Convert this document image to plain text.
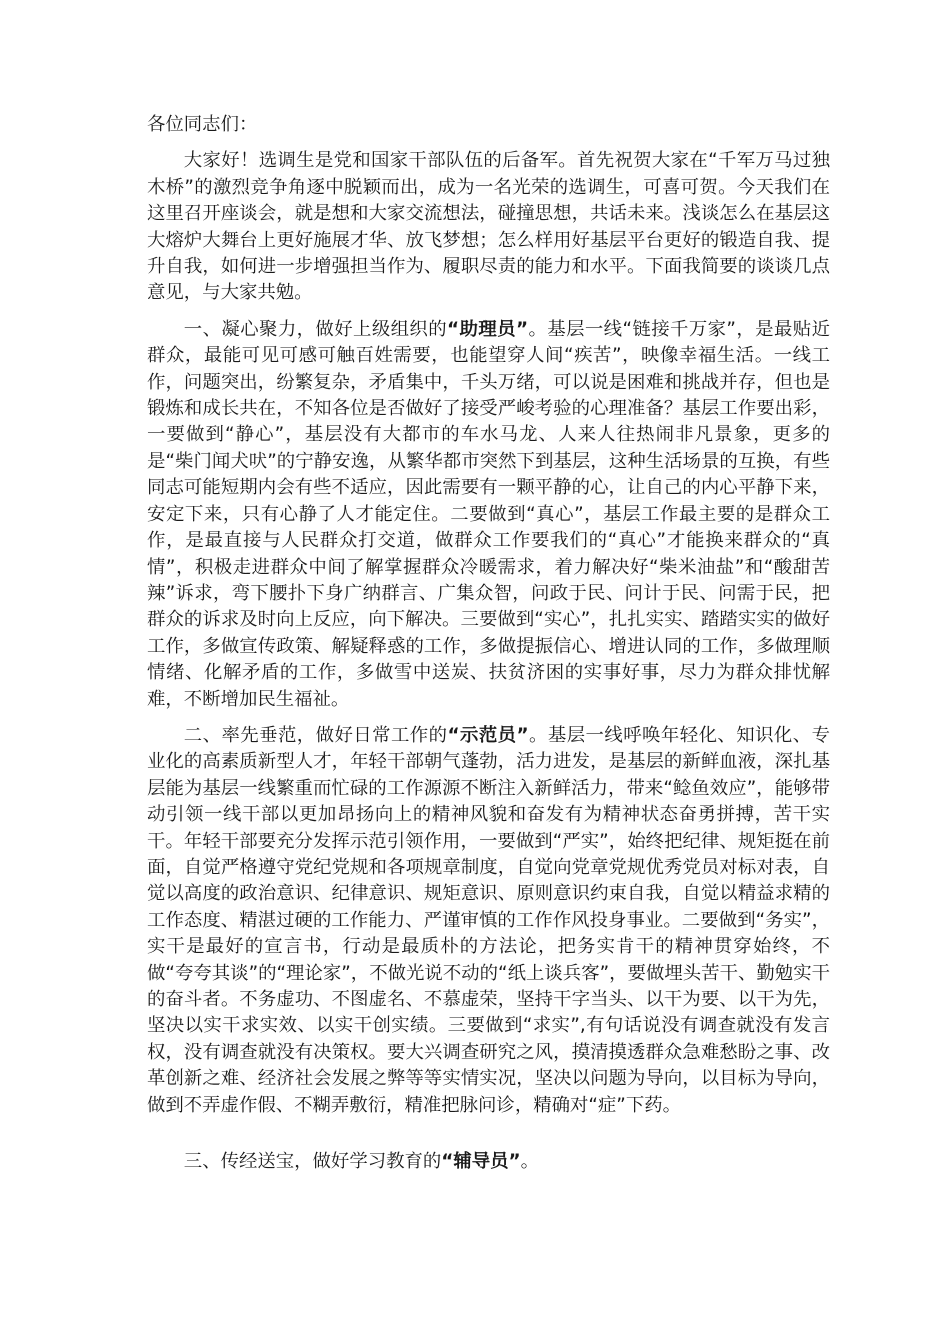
各位同志们：

大家好！选调生是党和国家干部队伍的后备军。首先祝贺大家在“千军万马过独木桥”的激烈竞争角逐中脱颖而出，成为一名光荣的选调生，可喜可贺。今天我们在这里召开座谈会，就是想和大家交流想法，碰撞思想，共话未来。浅谈怎么在基层这大熔炉大舞台上更好施展才华、放飞梦想；怎么样用好基层平台更好的锻造自我、提升自我，如何进一步增强担当作为、履职尽责的能力和水平。下面我简要的谈谈几点意见，与大家共勉。

一、凝心聚力，做好上级组织的“助理员”。基层一线“链接千万家”，是最贴近群众，最能可见可感可触百姓需要，也能望穿人间“疾苦”，映像幸福生活。一线工作，问题突出，纷繁复杂，矛盾集中，千头万绪，可以说是困难和挑战并存，但也是锻炼和成长共在，不知各位是否做好了接受严峻考验的心理准备？基层工作要出彩，一要做到“静心”，基层没有大都市的车水马龙、人来人往热闹非凡景象，更多的是“柴门闻犬吠”的宁静安逸，从繁华都市突然下到基层，这种生活场景的互换，有些同志可能短期内会有些不适应，因此需要有一颗平静的心，让自己的内心平静下来，安定下来，只有心静了人才能定住。二要做到“真心”，基层工作最主要的是群众工作，是最直接与人民群众打交道，做群众工作要我们的“真心”才能换来群众的“真情”，积极走进群众中间了解掌握群众冷暖需求，着力解决好“柴米油盐”和“酸甜苦辣”诉求，弯下腰扑下身广纳群言、广集众智，问政于民、问计于民、问需于民，把群众的诉求及时向上反应，向下解决。三要做到“实心”，扎扎实实、踏踏实实的做好工作，多做宣传政策、解疑释惑的工作，多做提振信心、增进认同的工作，多做理顺情绪、化解矛盾的工作，多做雪中送炭、扶贫济困的实事好事，尽力为群众排忧解难，不断增加民生福祉。

二、率先垂范，做好日常工作的“示范员”。基层一线呼唤年轻化、知识化、专业化的高素质新型人才，年轻干部朝气蓬勃，活力进发，是基层的新鲜血液，深扎基层能为基层一线繁重而忙碌的工作源源不断注入新鲜活力，带来“鲶鱼效应”，能够带动引领一线干部以更加昂扬向上的精神风貌和奋发有为精神状态奋勇拼搏，苦干实干。年轻干部要充分发挥示范引领作用，一要做到“严实”，始终把纪律、规矩挺在前面，自觉严格遵守党纪党规和各项规章制度，自觉向党章党规优秀党员对标对表，自觉以高度的政治意识、纪律意识、规矩意识、原则意识约束自我，自觉以精益求精的工作态度、精湛过硬的工作能力、严谨审慎的工作作风投身事业。二要做到“务实”，实干是最好的宣言书，行动是最质朴的方法论，把务实肯干的精神贯穿始终，不做“夸夸其谈”的“理论家”，不做光说不动的“纸上谈兵客”，要做埋头苦干、勤勉实干的奋斗者。不务虚功、不图虚名、不慕虚荣，坚持干字当头、以干为要、以干为先，坚决以实干求实效、以实干创实绩。三要做到“求实”,有句话说没有调查就没有发言权，没有调查就没有决策权。要大兴调查研究之风，摸清摸透群众急难愁盼之事、改革创新之难、经济社会发展之弊等等实情实况，坚决以问题为导向，以目标为导向，做到不弄虚作假、不糊弄敷衍，精准把脉问诊，精确对“症”下药。

三、传经送宝，做好学习教育的“辅导员”。
